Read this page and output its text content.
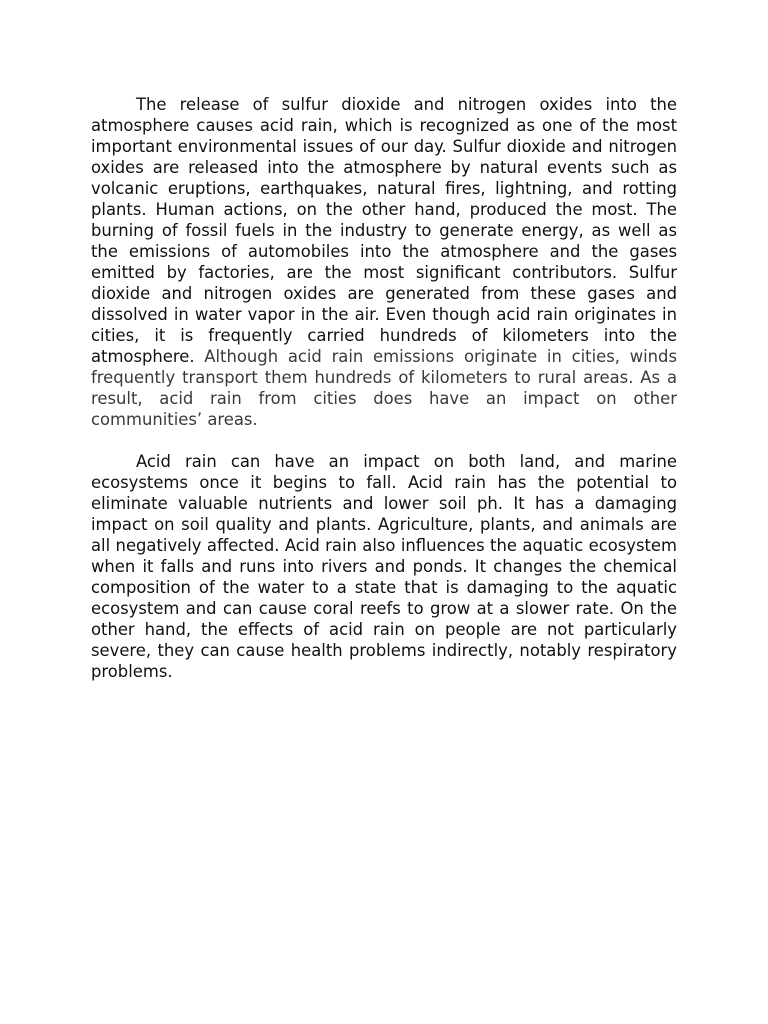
The release of sulfur dioxide and nitrogen oxides into the atmosphere causes acid rain, which is recognized as one of the most important environmental issues of our day. Sulfur dioxide and nitrogen oxides are released into the atmosphere by natural events such as volcanic eruptions, earthquakes, natural fires, lightning, and rotting plants. Human actions, on the other hand, produced the most. The burning of fossil fuels in the industry to generate energy, as well as the emissions of automobiles into the atmosphere and the gases emitted by factories, are the most significant contributors. Sulfur dioxide and nitrogen oxides are generated from these gases and dissolved in water vapor in the air. Even though acid rain originates in cities, it is frequently carried hundreds of kilometers into the atmosphere. Although acid rain emissions originate in cities, winds frequently transport them hundreds of kilometers to rural areas. As a result, acid rain from cities does have an impact on other communities’ areas.

Acid rain can have an impact on both land, and marine ecosystems once it begins to fall. Acid rain has the potential to eliminate valuable nutrients and lower soil ph. It has a damaging impact on soil quality and plants. Agriculture, plants, and animals are all negatively affected. Acid rain also influences the aquatic ecosystem when it falls and runs into rivers and ponds. It changes the chemical composition of the water to a state that is damaging to the aquatic ecosystem and can cause coral reefs to grow at a slower rate. On the other hand, the effects of acid rain on people are not particularly severe, they can cause health problems indirectly, notably respiratory problems.
